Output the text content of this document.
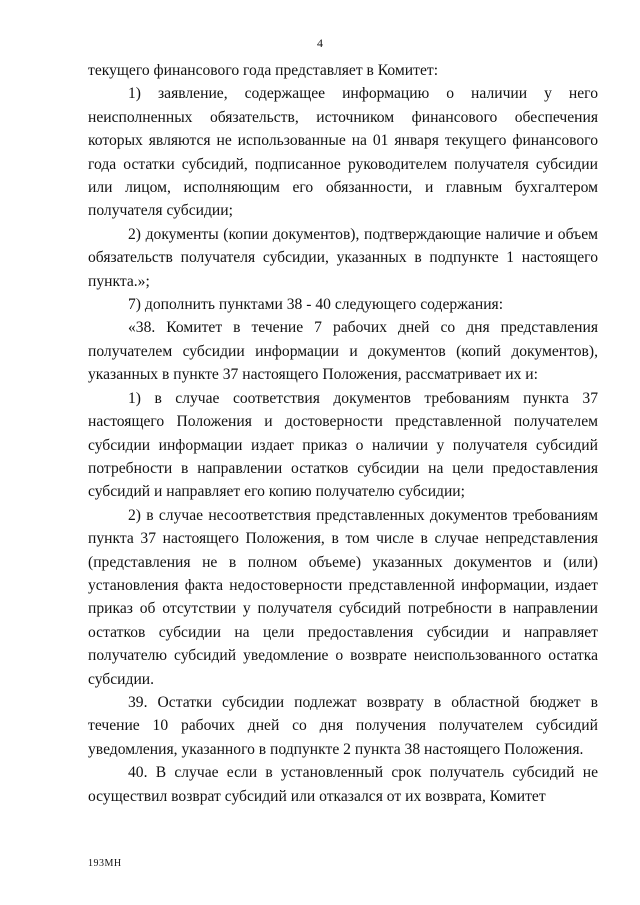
4

текущего финансового года представляет в Комитет:

1) заявление, содержащее информацию о наличии у него неисполненных обязательств, источником финансового обеспечения которых являются не использованные на 01 января текущего финансового года остатки субсидий, подписанное руководителем получателя субсидии или лицом, исполняющим его обязанности, и главным бухгалтером получателя субсидии;

2) документы (копии документов), подтверждающие наличие и объем обязательств получателя субсидии, указанных в подпункте 1 настоящего пункта.»;

7) дополнить пунктами 38 - 40 следующего содержания:

«38. Комитет в течение 7 рабочих дней со дня представления получателем субсидии информации и документов (копий документов), указанных в пункте 37 настоящего Положения, рассматривает их и:

1) в случае соответствия документов требованиям пункта 37 настоящего Положения и достоверности представленной получателем субсидии информации издает приказ о наличии у получателя субсидий потребности в направлении остатков субсидии на цели предоставления субсидий и направляет его копию получателю субсидии;

2) в случае несоответствия представленных документов требованиям пункта 37 настоящего Положения, в том числе в случае непредставления (представления не в полном объеме) указанных документов и (или) установления факта недостоверности представленной информации, издает приказ об отсутствии у получателя субсидий потребности в направлении остатков субсидии на цели предоставления субсидии и направляет получателю субсидий уведомление о возврате неиспользованного остатка субсидии.

39. Остатки субсидии подлежат возврату в областной бюджет в течение 10 рабочих дней со дня получения получателем субсидий уведомления, указанного в подпункте 2 пункта 38 настоящего Положения.

40. В случае если в установленный срок получатель субсидий не осуществил возврат субсидий или отказался от их возврата, Комитет

193МН
